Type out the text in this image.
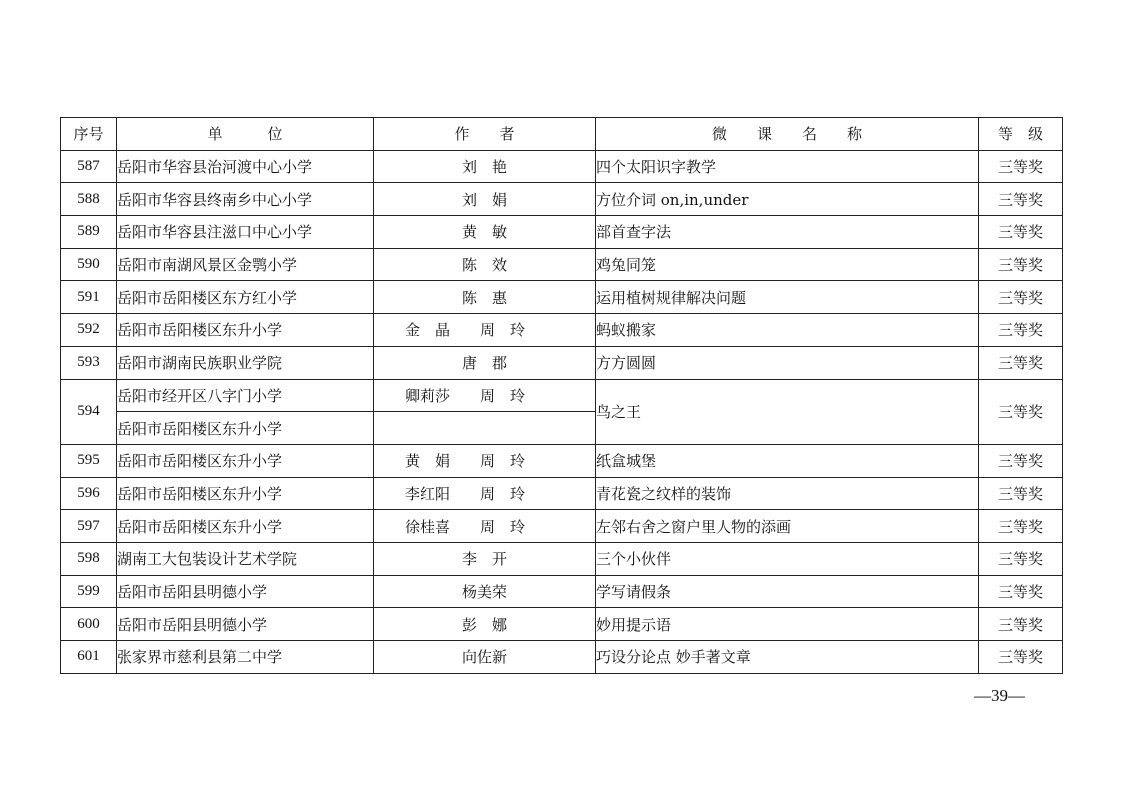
序号	单　　　位	作　　者	微　　课　　名　　称	等　级
587	岳阳市华容县治河渡中心小学	刘　艳	四个太阳识字教学	三等奖
588	岳阳市华容县终南乡中心小学	刘　娟	方位介词 on,in,under	三等奖
589	岳阳市华容县注滋口中心小学	黄　敏	部首查字法	三等奖
590	岳阳市南湖风景区金鹗小学	陈　效	鸡兔同笼	三等奖
591	岳阳市岳阳楼区东方红小学	陈　惠	运用植树规律解决问题	三等奖
592	岳阳市岳阳楼区东升小学	金　晶 周　玲	蚂蚁搬家	三等奖
593	岳阳市湖南民族职业学院	唐　郡	方方圆圆	三等奖
594	岳阳市经开区八字门小学	卿莉莎 周　玲	鸟之王	三等奖
	岳阳市岳阳楼区东升小学			
595	岳阳市岳阳楼区东升小学	黄　娟 周　玲	纸盒城堡	三等奖
596	岳阳市岳阳楼区东升小学	李红阳 周　玲	青花瓷之纹样的装饰	三等奖
597	岳阳市岳阳楼区东升小学	徐桂喜 周　玲	左邻右舍之窗户里人物的添画	三等奖
598	湖南工大包装设计艺术学院	李　开	三个小伙伴	三等奖
599	岳阳市岳阳县明德小学	杨美荣	学写请假条	三等奖
600	岳阳市岳阳县明德小学	彭　娜	妙用提示语	三等奖
601	张家界市慈利县第二中学	向佐新	巧设分论点 妙手著文章	三等奖
—39—
